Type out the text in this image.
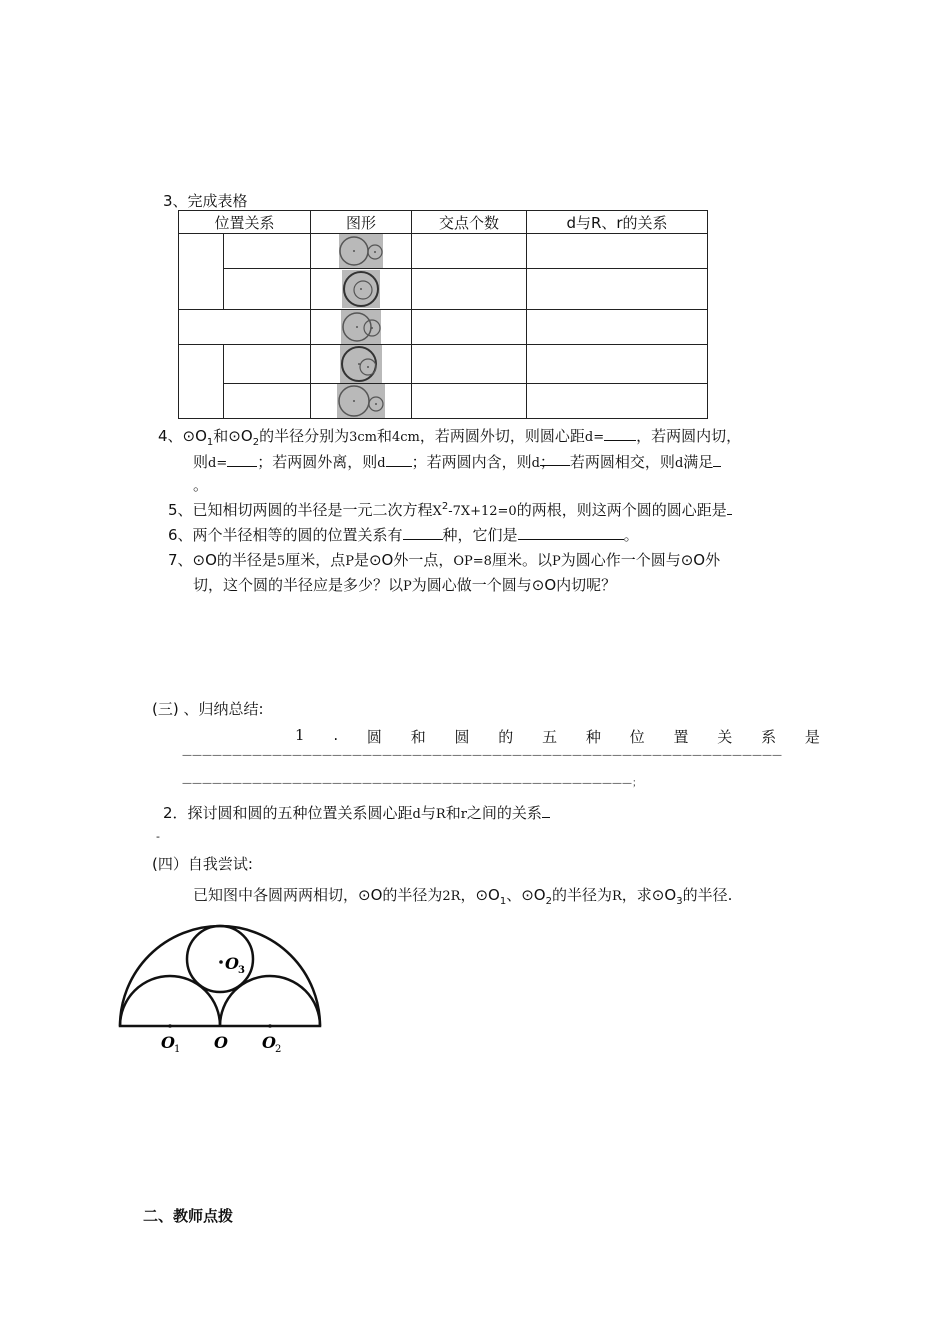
3、完成表格
位置关系		图形	交点个数	d与R、r的关系

4、$⊙O_1$和$⊙O_2$的半径分别为3cm和4cm，若两圆外切，则圆心距d= ，若两圆内切，
则d= ；若两圆外离，则d ；若两圆内含，则d； 若两圆相交，则d满足
。
5、已知相切两圆的半径是一元二次方程$X^2-7X+12=0$的两根，则这两个圆的圆心距是
6、两个半径相等的圆的位置关系有	种，它们是	。
7、⊙O的半径是5厘米，点P是⊙O外一点，OP=8厘米。以P为圆心作一个圆与⊙O外
切，这个圆的半径应是多少？以P为圆心做一个圆与⊙O内切呢？
(三) 、归纳总结:
1 . 圆 和 圆 的 五 种 位 置 关 系 是
————————————————————————————————————————————————————————————
—————————————————————————————————————————————；
2．探讨圆和圆的五种位置关系圆心距d与R和r之间的关系
-
(四）自我尝试:
已知图中各圆两两相切，⊙O的半径为2R，$⊙O_1$、$⊙O_2$的半径为R，求$⊙O_3$的半径.
O 3
O 1 O O 2
二、教师点拨
